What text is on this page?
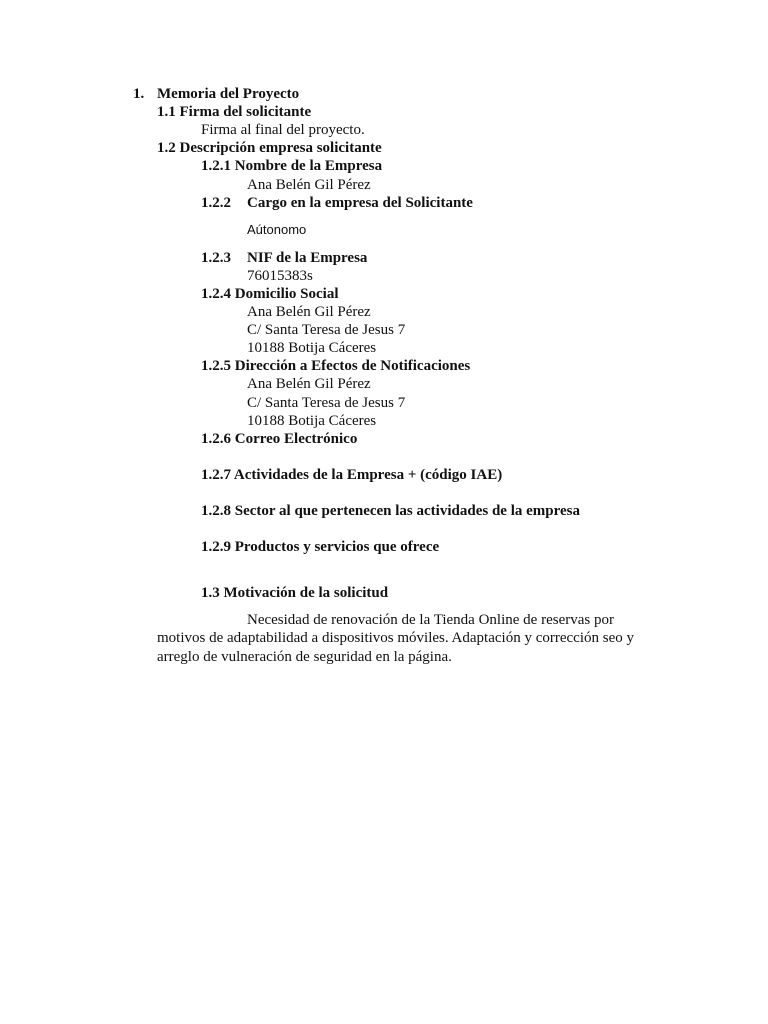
1. Memoria del Proyecto
1.1 Firma del solicitante
Firma al final del proyecto.
1.2 Descripción empresa solicitante
1.2.1 Nombre de la Empresa
Ana Belén Gil Pérez
1.2.2 Cargo en la empresa del Solicitante
Aútonomo
1.2.3 NIF de la Empresa
76015383s
1.2.4 Domicilio Social
Ana Belén Gil Pérez
C/ Santa Teresa de Jesus 7
10188 Botija Cáceres
1.2.5 Dirección a Efectos de Notificaciones
Ana Belén Gil Pérez
C/ Santa Teresa de Jesus 7
10188 Botija Cáceres
1.2.6 Correo Electrónico
1.2.7 Actividades de la Empresa + (código IAE)
1.2.8 Sector al que pertenecen las actividades de la empresa
1.2.9 Productos y servicios que ofrece
1.3 Motivación de la solicitud
Necesidad de renovación de la Tienda Online de reservas por
motivos de adaptabilidad a dispositivos móviles. Adaptación y corrección seo y
arreglo de vulneración de seguridad en la página.
